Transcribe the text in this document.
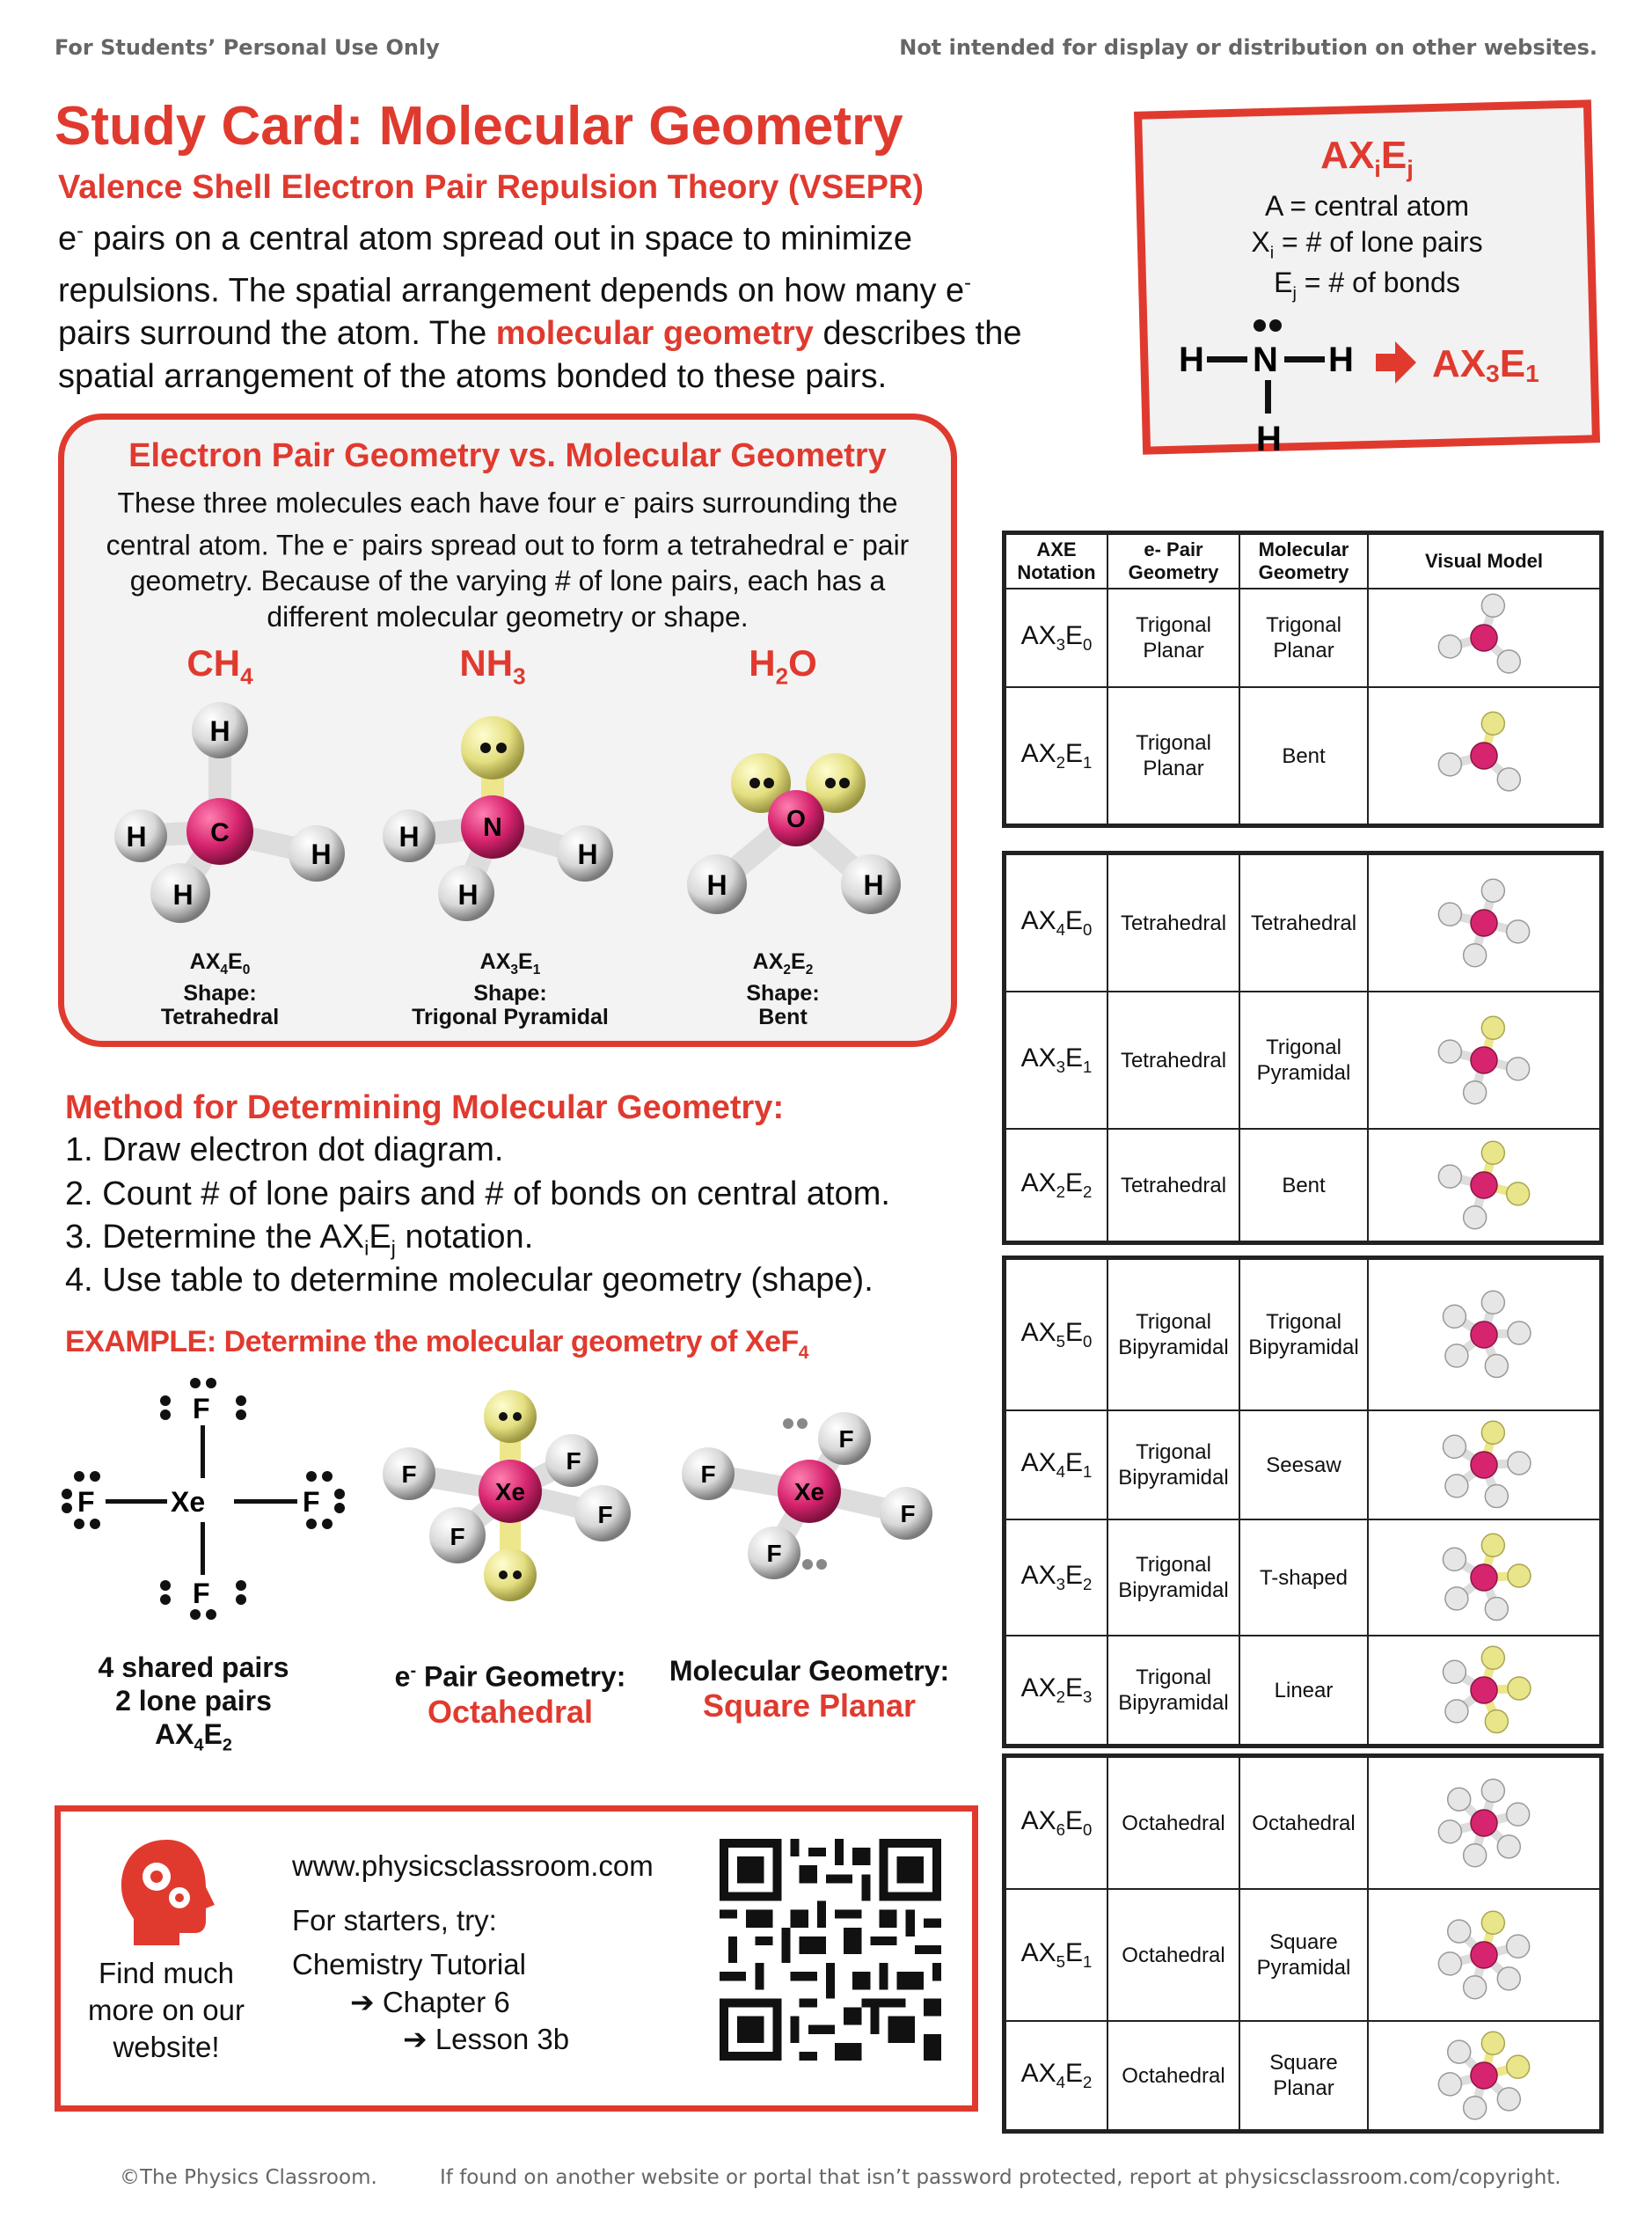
For Students’ Personal Use Only	Not intended for display or distribution on other websites.
Study Card: Molecular Geometry
Valence Shell Electron Pair Repulsion Theory (VSEPR)
e- pairs on a central atom spread out in space to minimize repulsions. The spatial arrangement depends on how many e- pairs surround the atom. The molecular geometry describes the spatial arrangement of the atoms bonded to these pairs.
$AX_iE_j$
A = central atom
$X_i$ = # of lone pairs
$E_j$ = # of bonds
H N H
H
AX3E1
Electron Pair Geometry vs. Molecular Geometry
These three molecules each have four e- pairs surrounding the central atom. The e- pairs spread out to form a tetrahedral e- pair geometry. Because of the varying # of lone pairs, each has a different molecular geometry or shape.
$CH_4$	$NH_3$	$H_2O$
H
H
H
H
C	H
H
H
N
H	H
O
$AX_4E_0$
Shape:
Tetrahedral
$AX_3E_1$
Shape:
Trigonal Pyramidal
$AX_2E_2$
Shape:
Bent
Method for Determining Molecular Geometry:
1. Draw electron dot diagram.
2. Count # of lone pairs and # of bonds on central atom.
3. Determine the $AX_iE_j$ notation.
4. Use table to determine molecular geometry (shape).
EXAMPLE: Determine the molecular geometry of XeF$_4$
F
F	Xe	F
F
F
F
F
F
Xe
F
F
F
F
Xe
4 shared pairs
2 lone pairs
$AX_4E_2$
e- Pair Geometry:
Octahedral
Molecular Geometry:
Square Planar
Find much more on our website!
www.physicsclassroom.com
For starters, try:
Chemistry Tutorial
➔ Chapter 6
➔ Lesson 3b
©The Physics Classroom.	If found on another website or portal that isn’t password protected, report at physicsclassroom.com/copyright.
AXE Notation	e- Pair Geometry	Molecular Geometry	Visual Model
$AX_3E_0$	Trigonal Planar	Trigonal Planar	

$AX_2E_1$	Trigonal Planar	Bent	
$AX_4E_0$	Tetrahedral	Tetrahedral	

$AX_3E_1$	Tetrahedral	Trigonal Pyramidal	

$AX_2E_2$	Tetrahedral	Bent	
$AX_5E_0$	Trigonal Bipyramidal	Trigonal Bipyramidal	

$AX_4E_1$	Trigonal Bipyramidal	Seesaw	

$AX_3E_2$	Trigonal Bipyramidal	T-shaped	

$AX_2E_3$	Trigonal Bipyramidal	Linear	
$AX_6E_0$	Octahedral	Octahedral	

$AX_5E_1$	Octahedral	Square Pyramidal	

$AX_4E_2$	Octahedral	Square Planar	
